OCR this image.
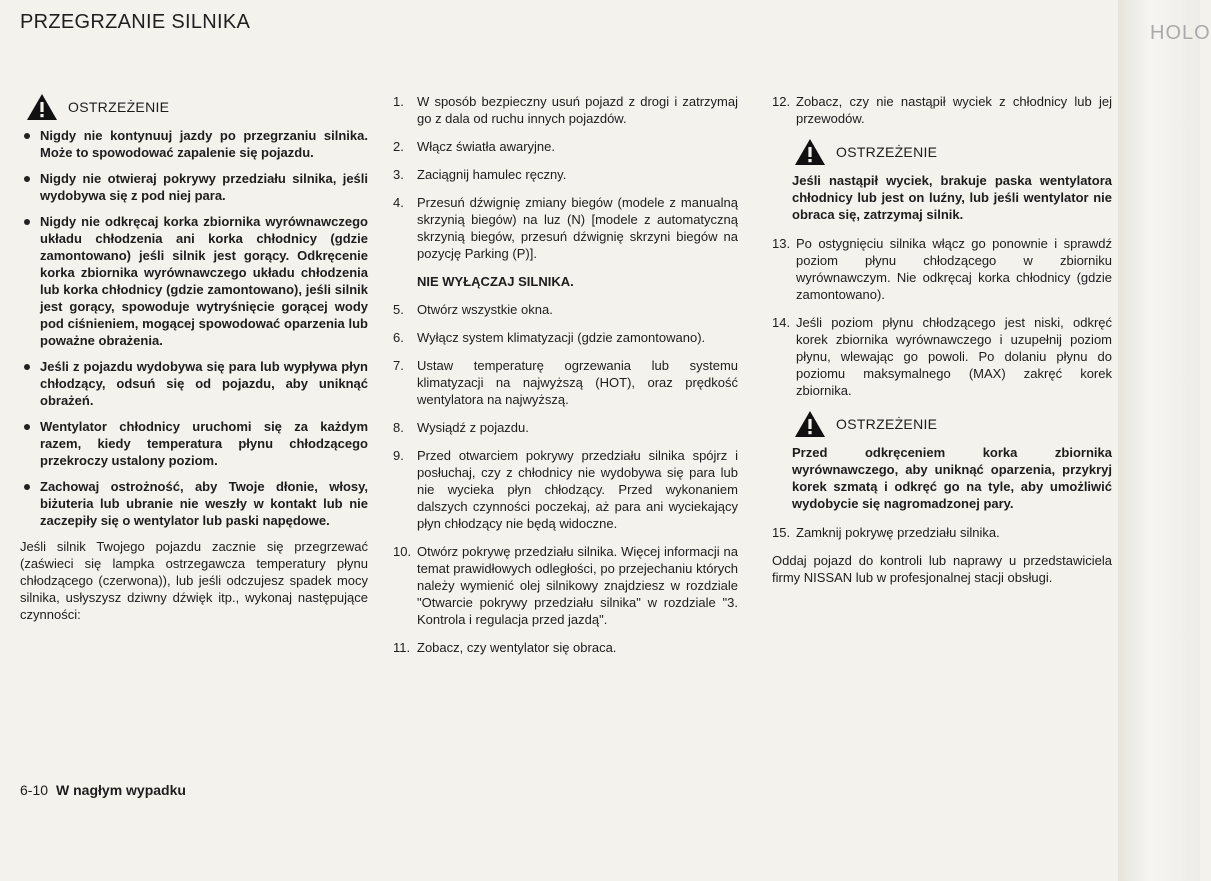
PRZEGRZANIE SILNIKA
OSTRZEŻENIE
Nigdy nie kontynuuj jazdy po przegrzaniu silnika. Może to spowodować zapalenie się pojazdu.
Nigdy nie otwieraj pokrywy przedziału silnika, jeśli wydobywa się z pod niej para.
Nigdy nie odkręcaj korka zbiornika wyrównawczego układu chłodzenia ani korka chłodnicy (gdzie zamontowano) jeśli silnik jest gorący. Odkręcenie korka zbiornika wyrównawczego układu chłodzenia lub korka chłodnicy (gdzie zamontowano), jeśli silnik jest gorący, spowoduje wytryśnięcie gorącej wody pod ciśnieniem, mogącej spowodować oparzenia lub poważne obrażenia.
Jeśli z pojazdu wydobywa się para lub wypływa płyn chłodzący, odsuń się od pojazdu, aby uniknąć obrażeń.
Wentylator chłodnicy uruchomi się za każdym razem, kiedy temperatura płynu chłodzącego przekroczy ustalony poziom.
Zachowaj ostrożność, aby Twoje dłonie, włosy, biżuteria lub ubranie nie weszły w kontakt lub nie zaczepiły się o wentylator lub paski napędowe.

Jeśli silnik Twojego pojazdu zacznie się przegrzewać (zaświeci się lampka ostrzegawcza temperatury płynu chłodzącego (czerwona)), lub jeśli odczujesz spadek mocy silnika, usłyszysz dziwny dźwięk itp., wykonaj następujące czynności:

1.	W sposób bezpieczny usuń pojazd z drogi i zatrzymaj go z dala od ruchu innych pojazdów.
2.	Włącz światła awaryjne.
3.	Zaciągnij hamulec ręczny.
4.	Przesuń dźwignię zmiany biegów (modele z manualną skrzynią biegów) na luz (N) [modele z automatyczną skrzynią biegów, przesuń dźwignię skrzyni biegów na pozycję Parking (P)].

NIE WYŁĄCZAJ SILNIKA.

5.	Otwórz wszystkie okna.
6.	Wyłącz system klimatyzacji (gdzie zamontowano).
7.	Ustaw temperaturę ogrzewania lub systemu klimatyzacji na najwyższą (HOT), oraz prędkość wentylatora na najwyższą.
8.	Wysiądź z pojazdu.
9.	Przed otwarciem pokrywy przedziału silnika spójrz i posłuchaj, czy z chłodnicy nie wydobywa się para lub nie wycieka płyn chłodzący. Przed wykonaniem dalszych czynności poczekaj, aż para ani wyciekający płyn chłodzący nie będą widoczne.
10. Otwórz pokrywę przedziału silnika. Więcej informacji na temat prawidłowych odległości, po przejechaniu których należy wymienić olej silnikowy znajdziesz w rozdziale "Otwarcie pokrywy przedziału silnika" w rozdziale "3. Kontrola i regulacja przed jazdą".
11. Zobacz, czy wentylator się obraca.
12. Zobacz, czy nie nastąpił wyciek z chłodnicy lub jej przewodów.
OSTRZEŻENIE

Jeśli nastąpił wyciek, brakuje paska wentylatora chłodnicy lub jest on luźny, lub jeśli wentylator nie obraca się, zatrzymaj silnik.

13. Po ostygnięciu silnika włącz go ponownie i sprawdź poziom płynu chłodzącego w zbiorniku wyrównawczym. Nie odkręcaj korka chłodnicy (gdzie zamontowano).
14. Jeśli poziom płynu chłodzącego jest niski, odkręć korek zbiornika wyrównawczego i uzupełnij poziom płynu, wlewając go powoli. Po dolaniu płynu do poziomu maksymalnego (MAX) zakręć korek zbiornika.
OSTRZEŻENIE

Przed odkręceniem korka zbiornika wyrównawczego, aby uniknąć oparzenia, przykryj korek szmatą i odkręć go na tyle, aby umożliwić wydobycie się nagromadzonej pary.

15. Zamknij pokrywę przedziału silnika.

Oddaj pojazd do kontroli lub naprawy u przedstawiciela firmy NISSAN lub w profesjonalnej stacji obsługi.

6-10 W nagłym wypadku
HOLO
